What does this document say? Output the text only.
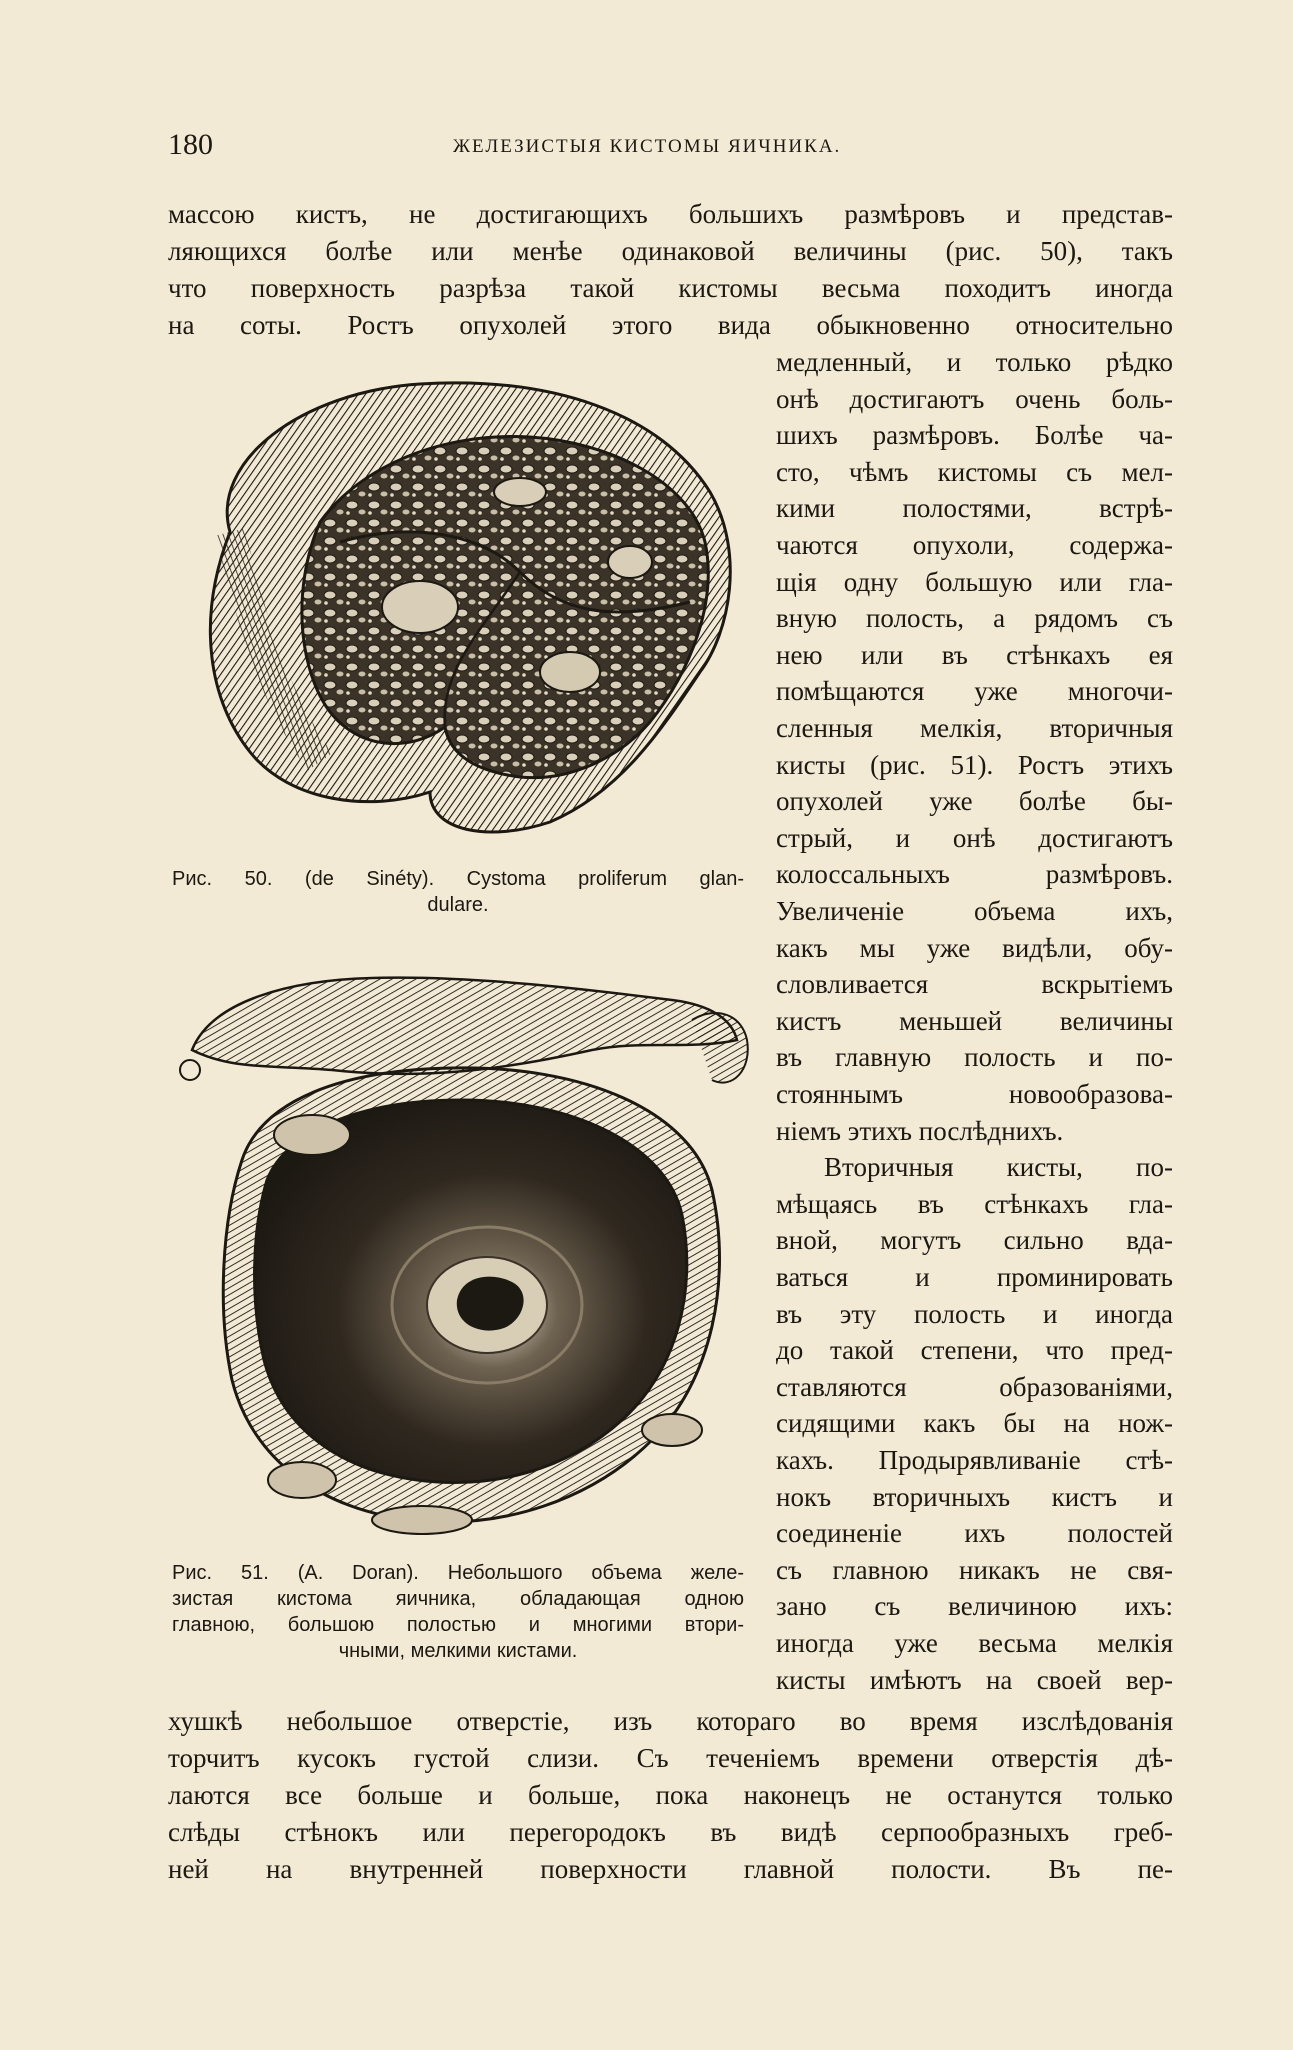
180	ЖЕЛЕЗИСТЫЯ КИСТОМЫ ЯИЧНИКА.
массою кистъ, не достигающихъ большихъ размѣровъ и представ-
ляющихся болѣе или менѣе одинаковой величины (рис. 50), такъ
что поверхность разрѣза такой кистомы весьма походитъ иногда
на соты. Ростъ опухолей этого вида обыкновенно относительно
медленный, и только рѣдко
онѣ достигаютъ очень боль-
шихъ размѣровъ. Болѣе ча-
сто, чѣмъ кистомы съ мел-
кими полостями, встрѣ-
чаются опухоли, содержа-
щія одну большую или гла-
вную полость, а рядомъ съ
нею или въ стѣнкахъ ея
помѣщаются уже многочи-
сленныя мелкія, вторичныя
кисты (рис. 51). Ростъ этихъ
опухолей уже болѣе бы-
стрый, и онѣ достигаютъ
колоссальныхъ размѣровъ.
Увеличеніе объема ихъ,
какъ мы уже видѣли, обу-
словливается вскрытіемъ
кистъ меньшей величины
въ главную полость и по-
стояннымъ новообразова-
ніемъ этихъ послѣднихъ.
Вторичныя кисты, по-
мѣщаясь въ стѣнкахъ гла-
вной, могутъ сильно вда-
ваться и проминировать
въ эту полость и иногда
до такой степени, что пред-
ставляются образованіями,
сидящими какъ бы на нож-
кахъ. Продырявливаніе стѣ-
нокъ вторичныхъ кистъ и
соединеніе ихъ полостей
съ главною никакъ не свя-
зано съ величиною ихъ:
иногда уже весьма мелкія
кисты имѣютъ на своей вер-
Рис. 50. (de Sinéty). Cystoma proliferum glan-
dulare.
Рис. 51. (A. Doran). Небольшого объема желе-
зистая кистома яичника, обладающая одною
главною, большою полостью и многими втори-
чными, мелкими кистами.
хушкѣ небольшое отверстіе, изъ котораго во время изслѣдованія
торчитъ кусокъ густой слизи. Съ теченіемъ времени отверстія дѣ-
лаются все больше и больше, пока наконецъ не останутся только
слѣды стѣнокъ или перегородокъ въ видѣ серпообразныхъ греб-
ней на внутренней поверхности главной полости. Въ пе-
